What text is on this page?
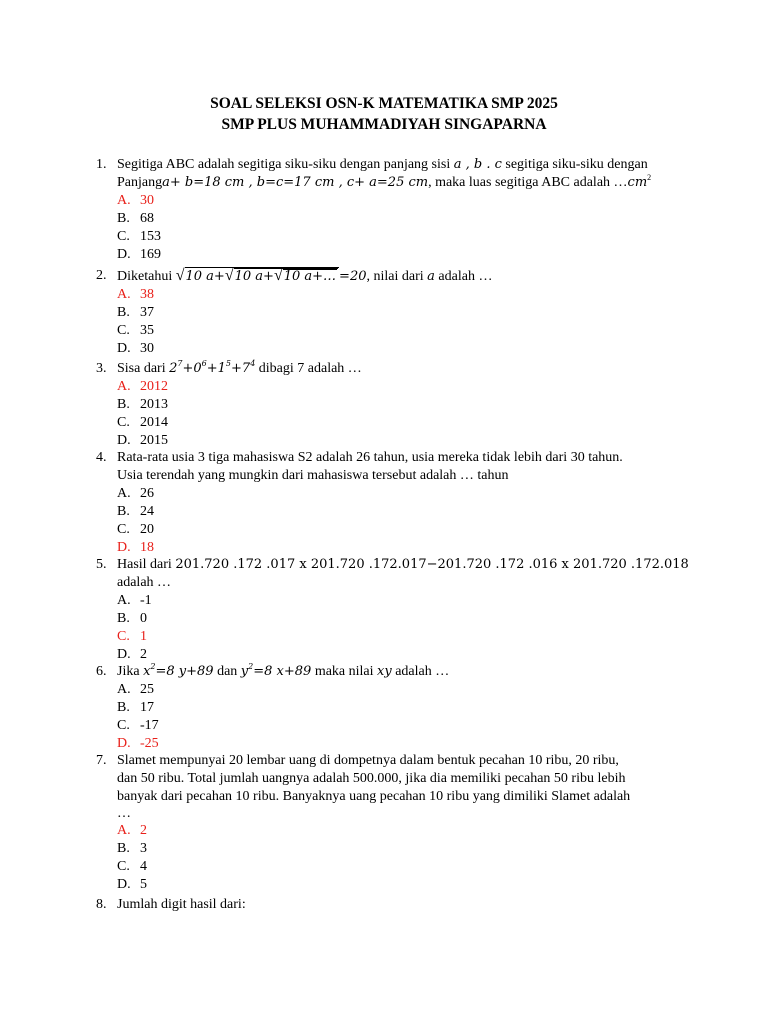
SOAL SELEKSI OSN-K MATEMATIKA SMP 2025
SMP PLUS MUHAMMADIYAH SINGAPARNA
1. Segitiga ABC adalah segitiga siku-siku dengan panjang sisi a , b . c segitiga siku-siku dengan
Panjanga+ b=18 cm , b=c=17 cm , c+ a=25 cm, maka luas segitiga ABC adalah $\dots cm^2$
A. 30
B. 68
C. 153
D. 169
2. Diketahui √10 a+√10 a+√10 a+… =20, nilai dari a adalah …
A. 38
B. 37
C. 35
D. 30
3. Sisa dari $2^7+0^6+1^5+7^4$ dibagi 7 adalah …
A. 2012
B. 2013
C. 2014
D. 2015
4. Rata-rata usia 3 tiga mahasiswa S2 adalah 26 tahun, usia mereka tidak lebih dari 30 tahun.
Usia terendah yang mungkin dari mahasiswa tersebut adalah … tahun
A. 26
B. 24
C. 20
D. 18
5. Hasil dari 201.720 .172 .017 x 201.720 .172.017−201.720 .172 .016 x 201.720 .172.018
adalah …
A. -1
B. 0
C. 1
D. 2
6. Jika $x^2=8$ y+89 dan $y^2=8$ x+89 maka nilai xy adalah …
A. 25
B. 17
C. -17
D. -25
7. Slamet mempunyai 20 lembar uang di dompetnya dalam bentuk pecahan 10 ribu, 20 ribu,
dan 50 ribu. Total jumlah uangnya adalah 500.000, jika dia memiliki pecahan 50 ribu lebih
banyak dari pecahan 10 ribu. Banyaknya uang pecahan 10 ribu yang dimiliki Slamet adalah
…
A. 2
B. 3
C. 4
D. 5
8. Jumlah digit hasil dari:
